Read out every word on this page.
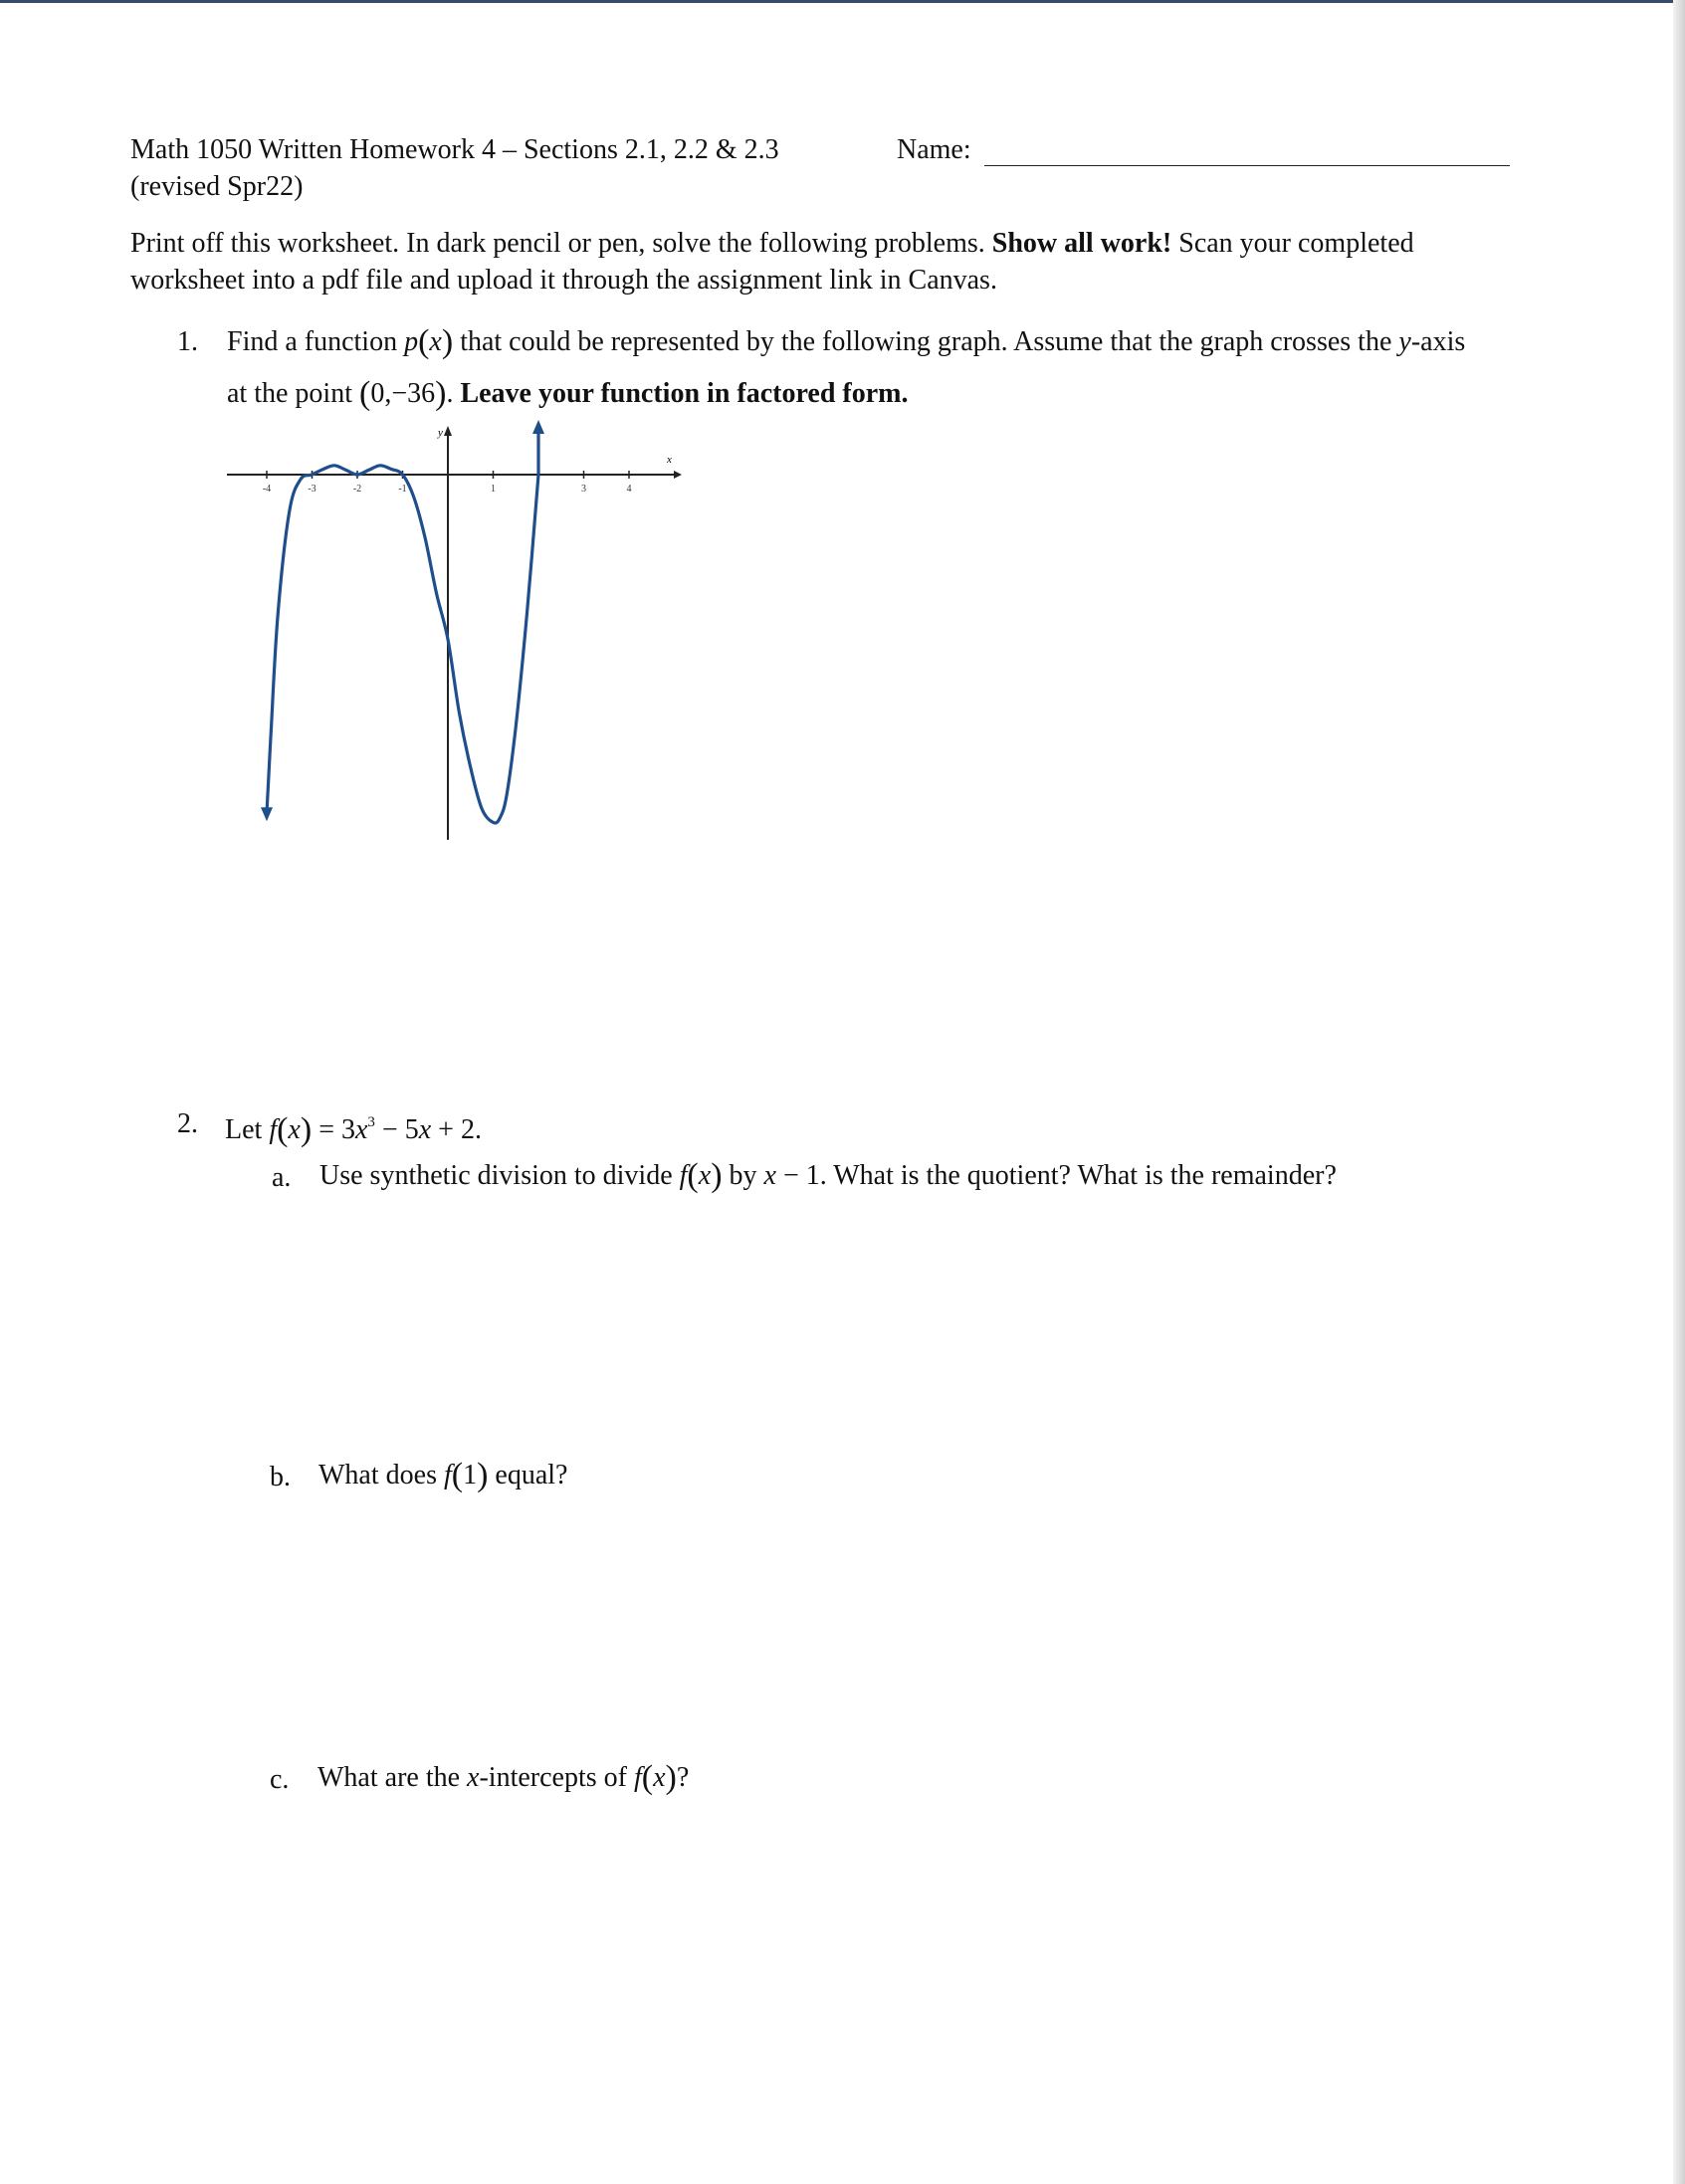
Math 1050 Written Homework 4 – Sections 2.1, 2.2 & 2.3
(revised Spr22)
Name:
Print off this worksheet. In dark pencil or pen, solve the following problems. Show all work! Scan your completed
worksheet into a pdf file and upload it through the assignment link in Canvas.
1. Find a function p(x) that could be represented by the following graph. Assume that the graph crosses the y-axis
at the point (0,−36). Leave your function in factored form.
x
y
-4	-3	-2	-1	1	3	4
2. Let $f(x) = 3x^3 - 5x + 2$.
a. Use synthetic division to divide f(x) by x − 1. What is the quotient? What is the remainder?
b. What does f(1) equal?
c. What are the x-intercepts of f(x)?
